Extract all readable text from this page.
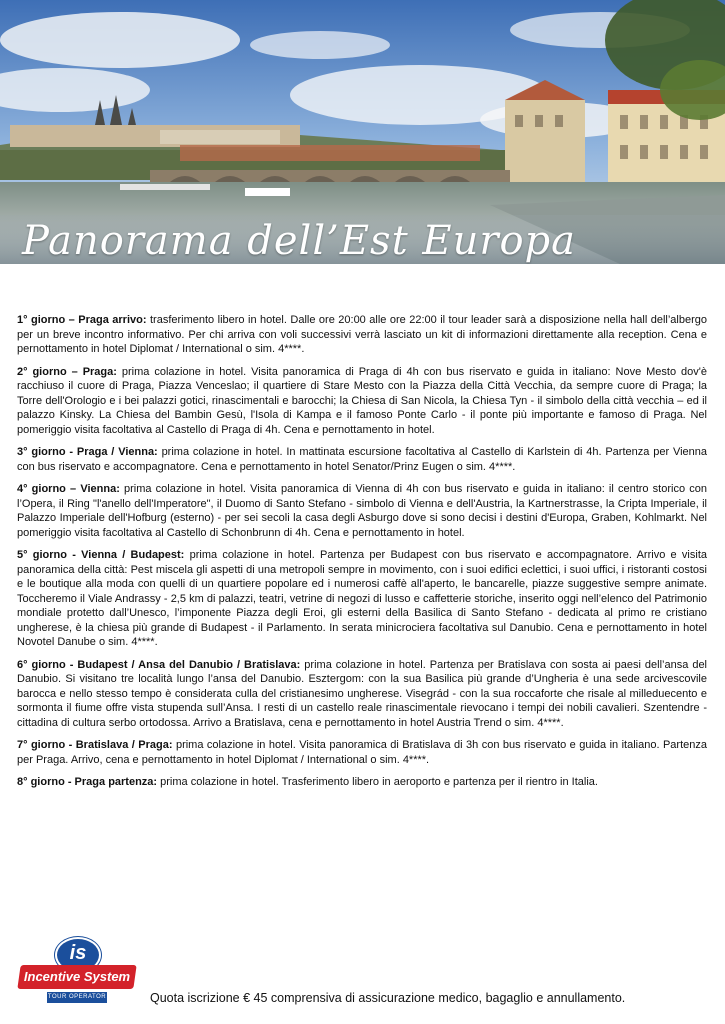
Panorama dell’Est Europa

1° giorno – Praga arrivo: trasferimento libero in hotel. Dalle ore 20:00 alle ore 22:00 il tour leader sarà a disposizione nella hall dell’albergo per un breve incontro informativo. Per chi arriva con voli successivi verrà lasciato un kit di informazioni direttamente alla reception. Cena e pernottamento in hotel Diplomat / International o sim. 4****.

2° giorno – Praga: prima colazione in hotel. Visita panoramica di Praga di 4h con bus riservato e guida in italiano: Nove Mesto dov'è racchiuso il cuore di Praga, Piazza Venceslao; il quartiere di Stare Mesto con la Piazza della Città Vecchia, da sempre cuore di Praga; la Torre dell'Orologio e i bei palazzi gotici, rinascimentali e barocchi; la Chiesa di San Nicola, la Chiesa Tyn - il simbolo della città vecchia – ed il palazzo Kinsky. La Chiesa del Bambin Gesù, l'Isola di Kampa e il famoso Ponte Carlo - il ponte più importante e famoso di Praga. Nel pomeriggio visita facoltativa al Castello di Praga di 4h. Cena e pernottamento in hotel.

3° giorno - Praga / Vienna: prima colazione in hotel. In mattinata escursione facoltativa al Castello di Karlstein di 4h. Partenza per Vienna con bus riservato e accompagnatore. Cena e pernottamento in hotel Senator/Prinz Eugen o sim. 4****.

4° giorno – Vienna: prima colazione in hotel. Visita panoramica di Vienna di 4h con bus riservato e guida in italiano: il centro storico con l’Opera, il Ring "l'anello dell'Imperatore", il Duomo di Santo Stefano - simbolo di Vienna e dell'Austria, la Kartnerstrasse, la Cripta Imperiale, il Palazzo Imperiale dell'Hofburg (esterno) - per sei secoli la casa degli Asburgo dove si sono decisi i destini d'Europa, Graben, Kohlmarkt. Nel pomeriggio visita facoltativa al Castello di Schonbrunn di 4h. Cena e pernottamento in hotel.

5° giorno - Vienna / Budapest: prima colazione in hotel. Partenza per Budapest con bus riservato e accompagnatore. Arrivo e visita panoramica della città: Pest miscela gli aspetti di una metropoli sempre in movimento, con i suoi edifici eclettici, i suoi uffici, i ristoranti costosi e le boutique alla moda con quelli di un quartiere popolare ed i numerosi caffè all'aperto, le bancarelle, piazze suggestive sempre animate. Toccheremo il Viale Andrassy - 2,5 km di palazzi, teatri, vetrine di negozi di lusso e caffetterie storiche, inserito oggi nell’elenco del Patrimonio mondiale protetto dall’Unesco, l’imponente Piazza degli Eroi, gli esterni della Basilica di Santo Stefano - dedicata al primo re cristiano ungherese, è la chiesa più grande di Budapest - il Parlamento. In serata minicrociera facoltativa sul Danubio. Cena e pernottamento in hotel Novotel Danube o sim. 4****.

6° giorno - Budapest / Ansa del Danubio / Bratislava: prima colazione in hotel. Partenza per Bratislava con sosta ai paesi dell’ansa del Danubio. Si visitano tre località lungo l’ansa del Danubio. Esztergom: con la sua Basilica più grande d’Ungheria è una sede arcivescovile barocca e nello stesso tempo è considerata culla del cristianesimo ungherese. Visegrád - con la sua roccaforte che risale al milleduecento e sormonta il fiume offre vista stupenda sull’Ansa. I resti di un castello reale rinascimentale rievocano i tempi dei nobili cavalieri. Szentendre - cittadina di cultura serbo ortodossa. Arrivo a Bratislava, cena e pernottamento in hotel Austria Trend o sim. 4****.

7° giorno - Bratislava / Praga: prima colazione in hotel. Visita panoramica di Bratislava di 3h con bus riservato e guida in italiano. Partenza per Praga. Arrivo, cena e pernottamento in hotel Diplomat / International o sim. 4****.

8° giorno - Praga partenza: prima colazione in hotel. Trasferimento libero in aeroporto e partenza per il rientro in Italia.

is
Incentive System
TOUR OPERATOR	Quota iscrizione € 45 comprensiva di assicurazione medico, bagaglio e annullamento.
